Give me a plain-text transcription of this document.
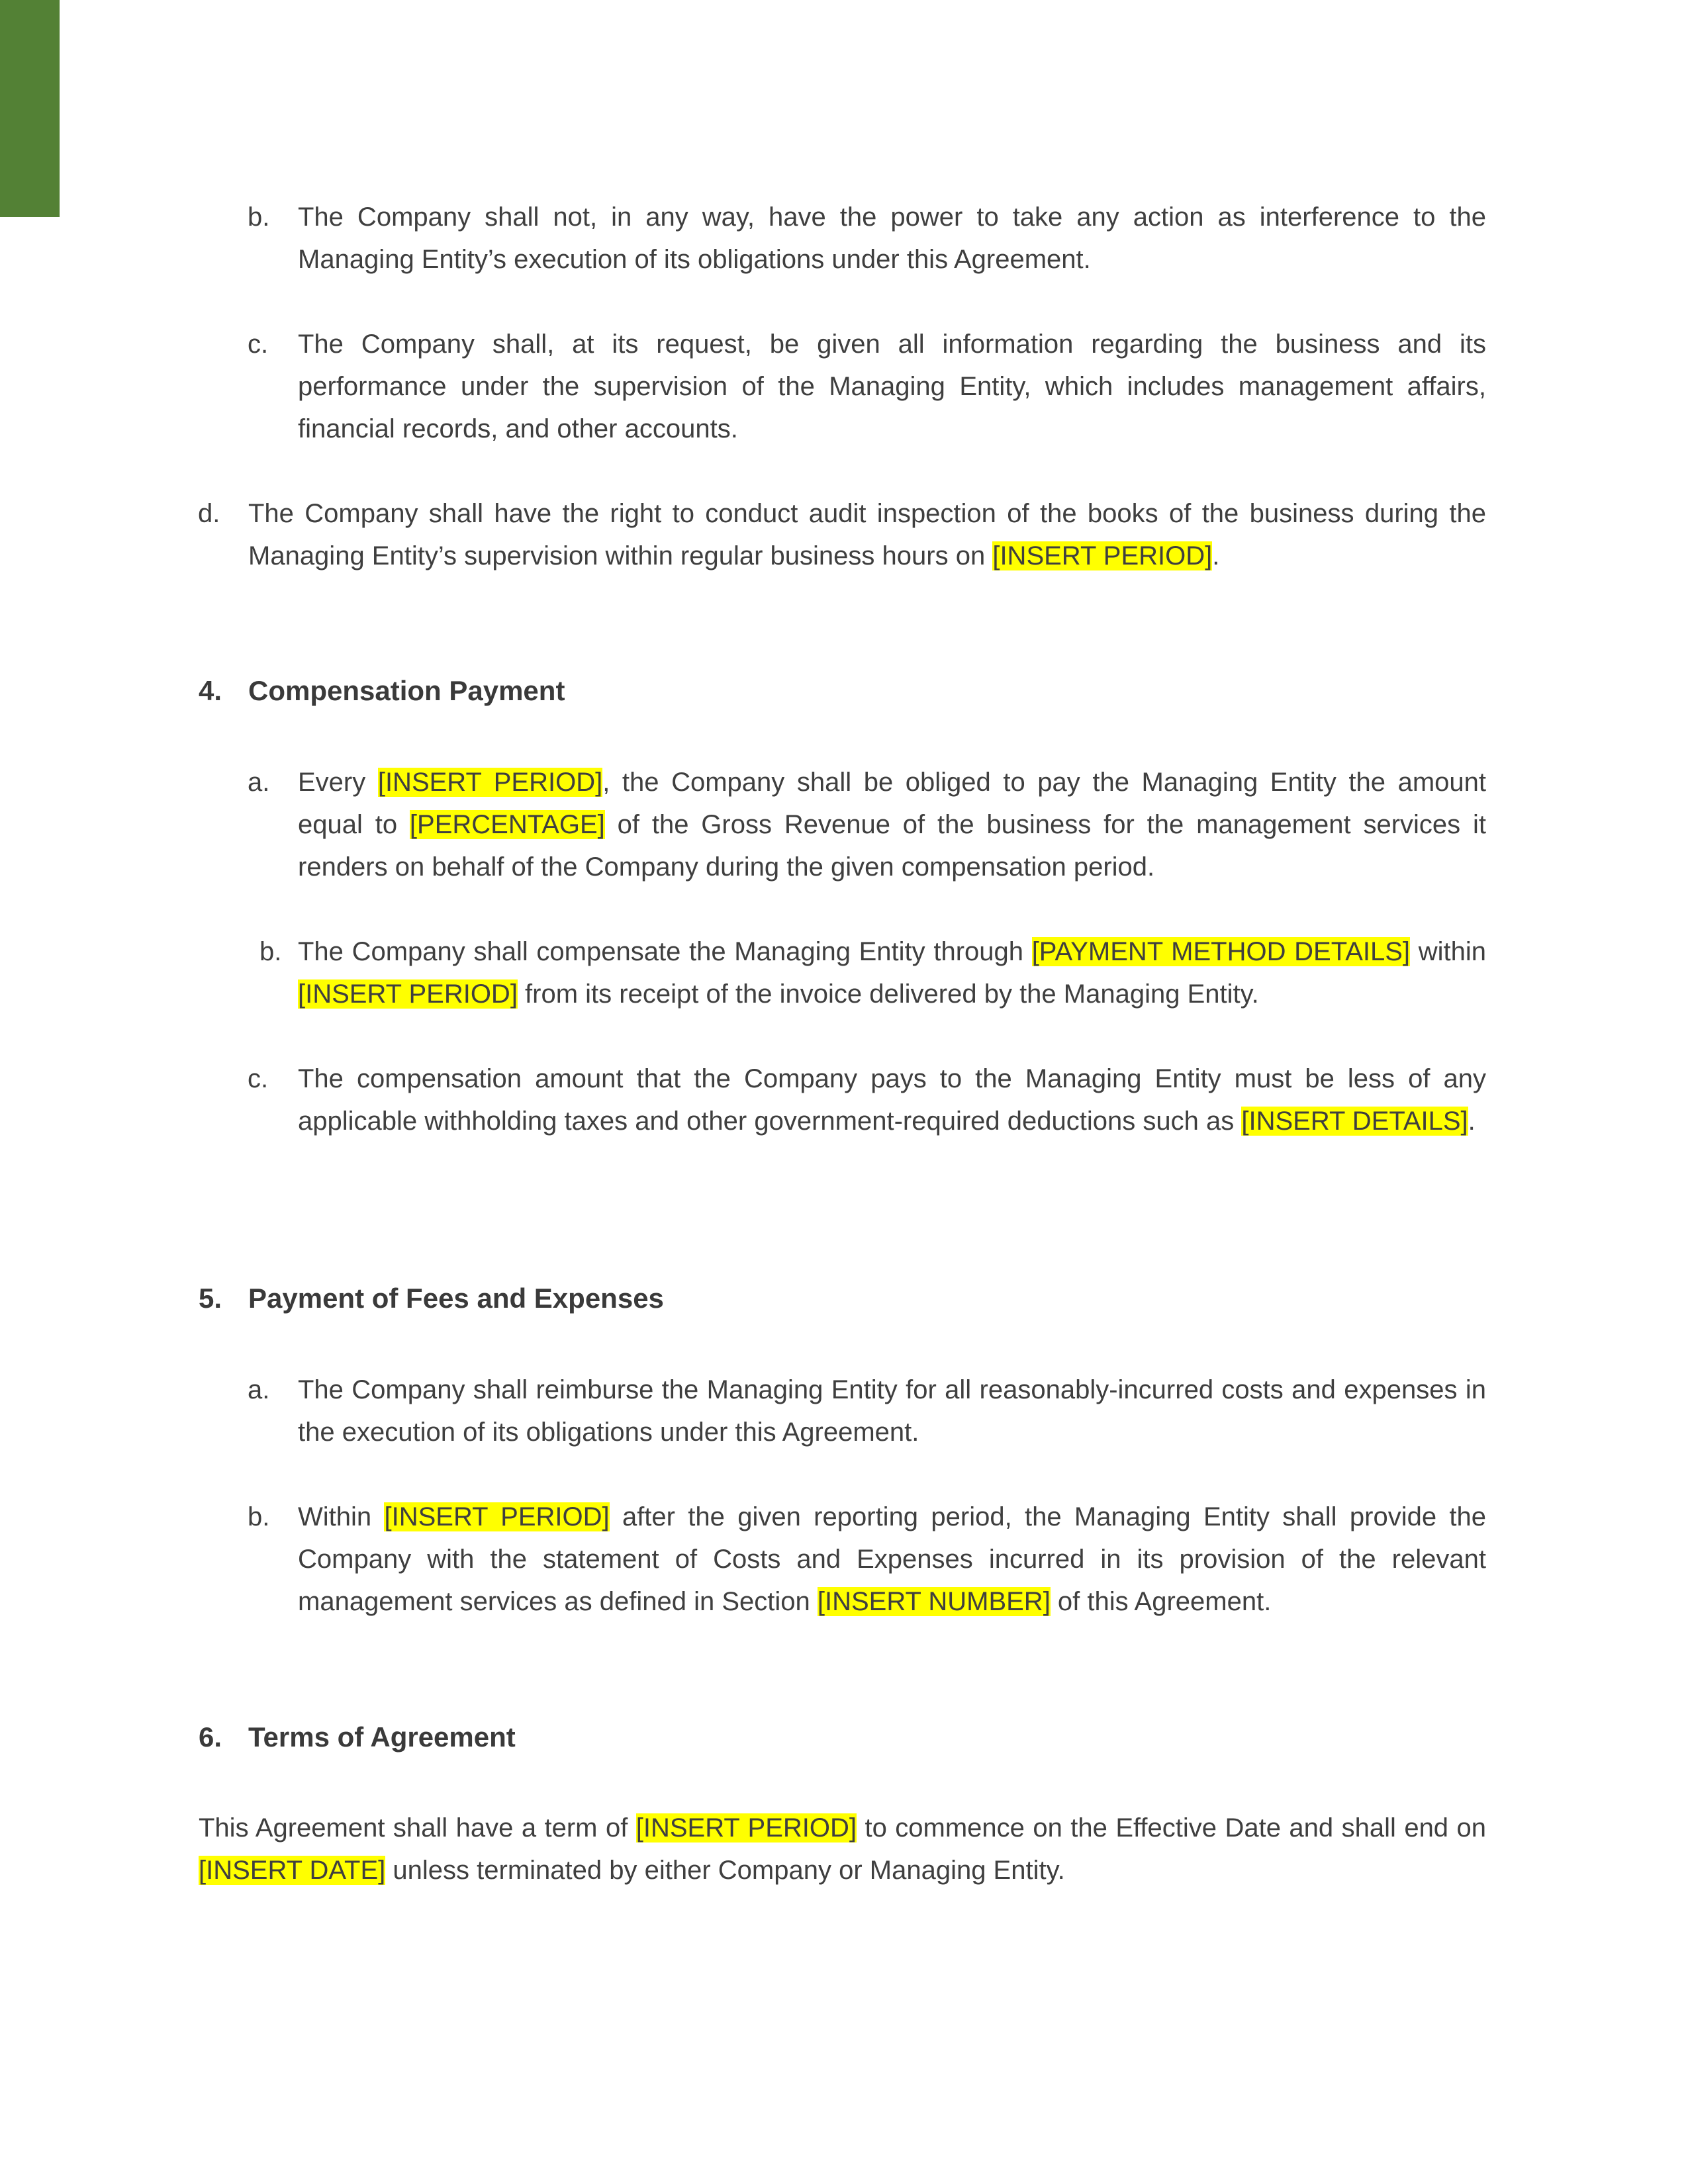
b. The Company shall not, in any way, have the power to take any action as interference to the Managing Entity’s execution of its obligations under this Agreement.
c. The Company shall, at its request, be given all information regarding the business and its performance under the supervision of the Managing Entity, which includes management affairs, financial records, and other accounts.
d. The Company shall have the right to conduct audit inspection of the books of the business during the Managing Entity’s supervision within regular business hours on [INSERT PERIOD].
4. Compensation Payment
a. Every [INSERT PERIOD], the Company shall be obliged to pay the Managing Entity the amount equal to [PERCENTAGE] of the Gross Revenue of the business for the management services it renders on behalf of the Company during the given compensation period.
b. The Company shall compensate the Managing Entity through [PAYMENT METHOD DETAILS] within [INSERT PERIOD] from its receipt of the invoice delivered by the Managing Entity.
c. The compensation amount that the Company pays to the Managing Entity must be less of any applicable withholding taxes and other government-required deductions such as [INSERT DETAILS].
5. Payment of Fees and Expenses
a. The Company shall reimburse the Managing Entity for all reasonably-incurred costs and expenses in the execution of its obligations under this Agreement.
b. Within [INSERT PERIOD] after the given reporting period, the Managing Entity shall provide the Company with the statement of Costs and Expenses incurred in its provision of the relevant management services as defined in Section [INSERT NUMBER] of this Agreement.
6. Terms of Agreement
This Agreement shall have a term of [INSERT PERIOD] to commence on the Effective Date and shall end on [INSERT DATE] unless terminated by either Company or Managing Entity.
